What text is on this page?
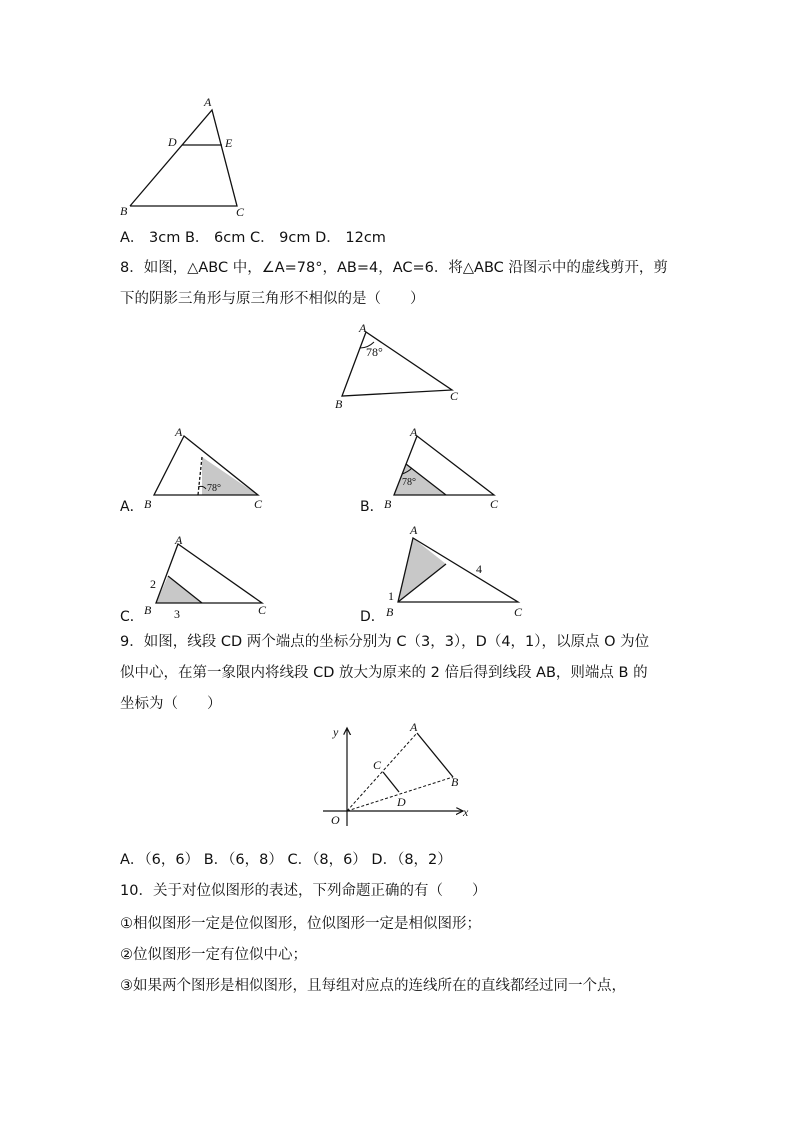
A
B	C
D	E
A． 3cm B． 6cm C． 9cm D． 12cm
8．如图，△ABC 中，∠A=78°，AB=4，AC=6．将△ABC 沿图示中的虚线剪开，剪
下的阴影三角形与原三角形不相似的是（　　）
A
B
C
78°
A．
A
B	C
78°
B．
A
B	C
78°
C．
A
B	C
2
3	D．
A
B	C
1
4
9．如图，线段 CD 两个端点的坐标分别为 C（3，3），D（4，1），以原点 O 为位
似中心，在第一象限内将线段 CD 放大为原来的 2 倍后得到线段 AB，则端点 B 的
坐标为（　　）
y
x
O
A
B
C
D
A．（6，6） B．（6，8） C．（8，6） D．（8，2）
10．关于对位似图形的表述，下列命题正确的有（　　）
①相似图形一定是位似图形，位似图形一定是相似图形；
②位似图形一定有位似中心；
③如果两个图形是相似图形，且每组对应点的连线所在的直线都经过同一个点，
